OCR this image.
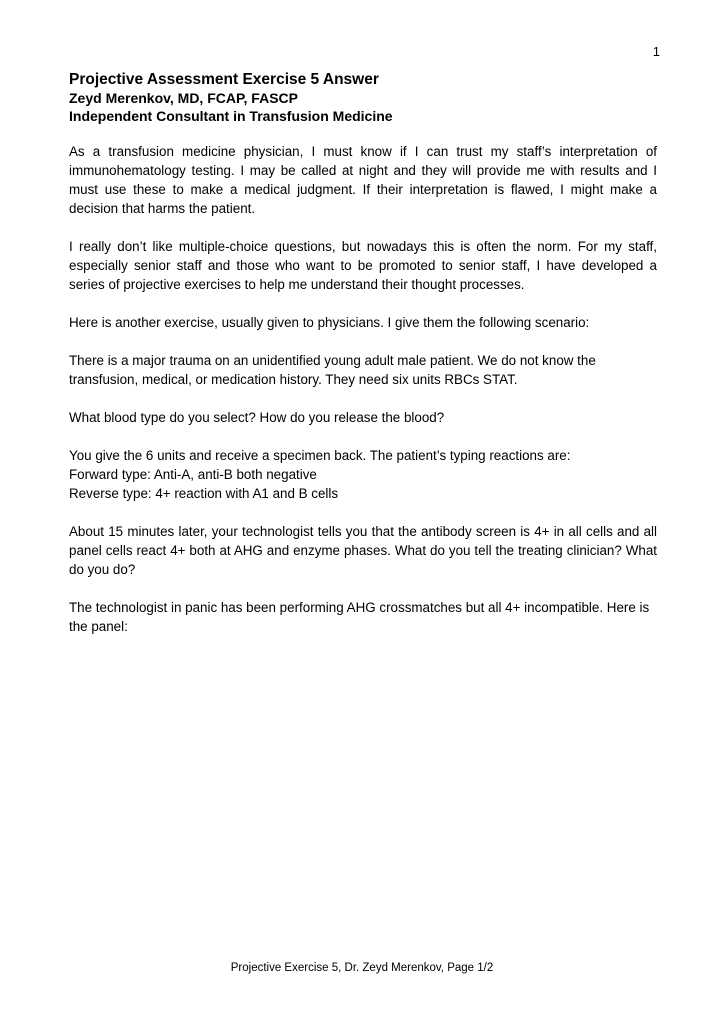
1
Projective Assessment Exercise 5 Answer
Zeyd Merenkov, MD, FCAP, FASCP
Independent Consultant in Transfusion Medicine

As a transfusion medicine physician, I must know if I can trust my staff’s interpretation of immunohematology testing. I may be called at night and they will provide me with results and I must use these to make a medical judgment. If their interpretation is flawed, I might make a decision that harms the patient.

I really don’t like multiple-choice questions, but nowadays this is often the norm. For my staff, especially senior staff and those who want to be promoted to senior staff, I have developed a series of projective exercises to help me understand their thought processes.

Here is another exercise, usually given to physicians. I give them the following scenario:

There is a major trauma on an unidentified young adult male patient. We do not know the transfusion, medical, or medication history. They need six units RBCs STAT.

What blood type do you select? How do you release the blood?

You give the 6 units and receive a specimen back. The patient’s typing reactions are:
Forward type: Anti-A, anti-B both negative
Reverse type: 4+ reaction with A1 and B cells

About 15 minutes later, your technologist tells you that the antibody screen is 4+ in all cells and all panel cells react 4+ both at AHG and enzyme phases. What do you tell the treating clinician? What do you do?

The technologist in panic has been performing AHG crossmatches but all 4+ incompatible. Here is the panel:

Projective Exercise 5, Dr. Zeyd Merenkov, Page 1/2
